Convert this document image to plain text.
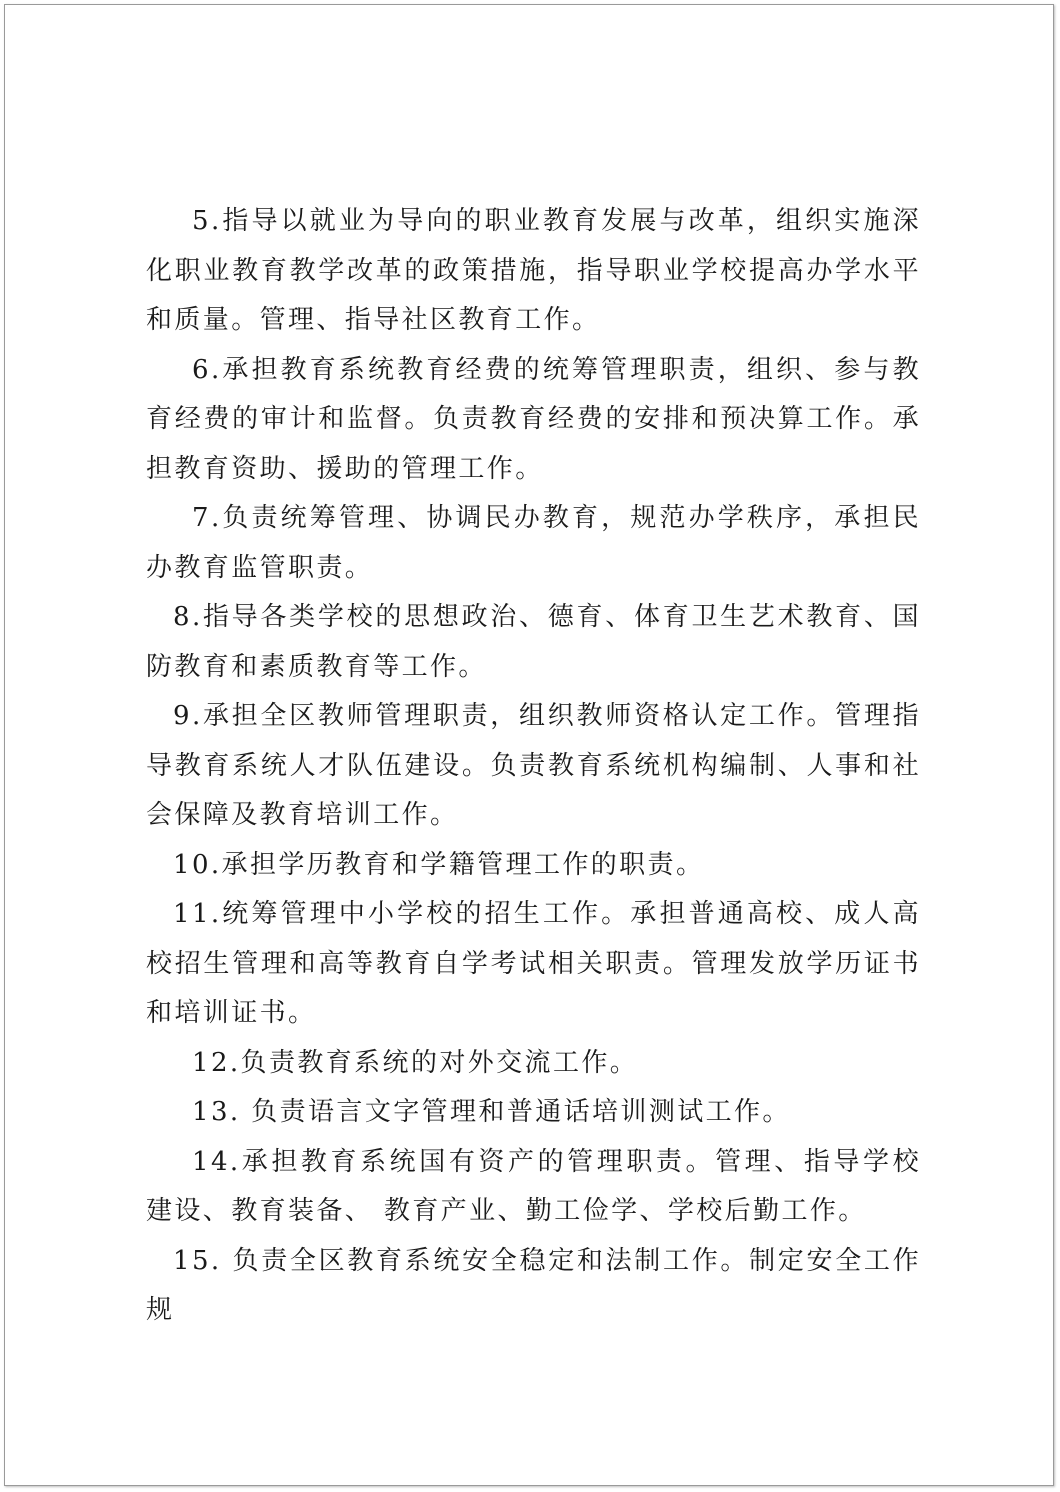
5.指导以就业为导向的职业教育发展与改革，组织实施深化职业教育教学改革的政策措施，指导职业学校提高办学水平和质量。管理、指导社区教育工作。

6.承担教育系统教育经费的统筹管理职责，组织、参与教育经费的审计和监督。负责教育经费的安排和预决算工作。承担教育资助、援助的管理工作。

7.负责统筹管理、协调民办教育，规范办学秩序，承担民办教育监管职责。

8.指导各类学校的思想政治、德育、体育卫生艺术教育、国防教育和素质教育等工作。

9.承担全区教师管理职责，组织教师资格认定工作。管理指导教育系统人才队伍建设。负责教育系统机构编制、人事和社会保障及教育培训工作。

10.承担学历教育和学籍管理工作的职责。

11.统筹管理中小学校的招生工作。承担普通高校、成人高校招生管理和高等教育自学考试相关职责。管理发放学历证书和培训证书。

12.负责教育系统的对外交流工作。

13. 负责语言文字管理和普通话培训测试工作。

14.承担教育系统国有资产的管理职责。管理、指导学校建设、教育装备、 教育产业、勤工俭学、学校后勤工作。

15. 负责全区教育系统安全稳定和法制工作。制定安全工作规
